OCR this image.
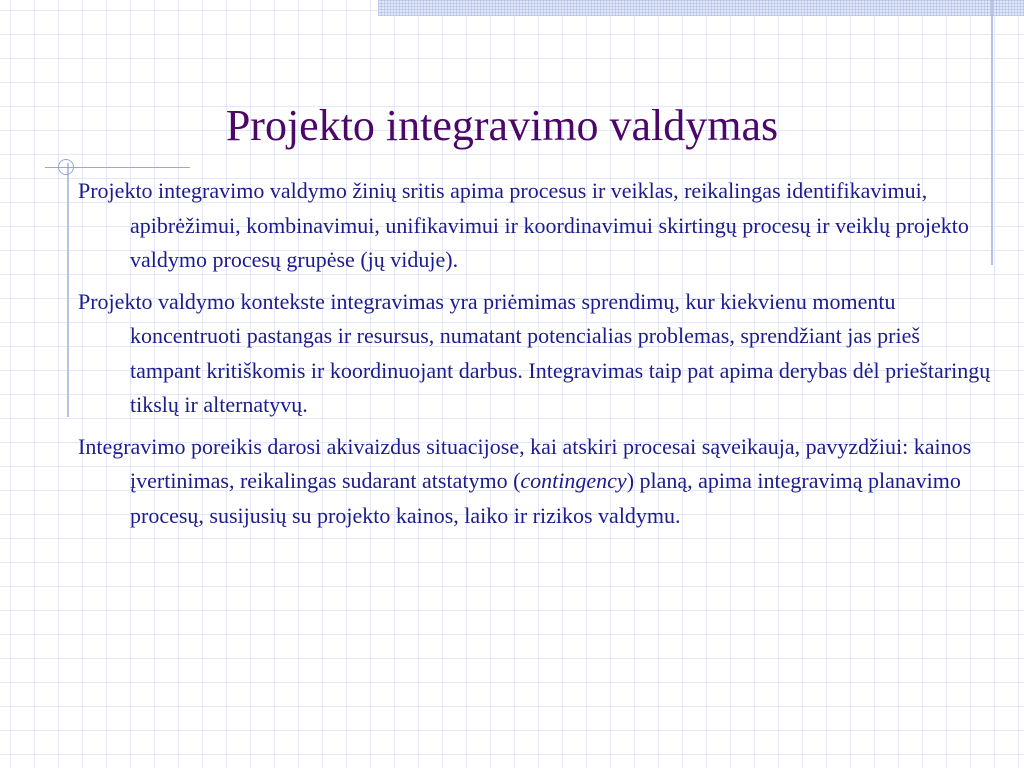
Projekto integravimo valdymas
Projekto integravimo valdymo žinių sritis apima procesus ir veiklas, reikalingas identifikavimui, apibrėžimui, kombinavimui, unifikavimui ir koordinavimui skirtingų procesų ir veiklų projekto valdymo procesų grupėse (jų viduje).
Projekto valdymo kontekste integravimas yra priėmimas sprendimų, kur kiekvienu momentu koncentruoti pastangas ir resursus, numatant potencialias problemas, sprendžiant jas prieš tampant kritiškomis ir koordinuojant darbus. Integravimas taip pat apima derybas dėl prieštaringų tikslų ir alternatyvų.
Integravimo poreikis darosi akivaizdus situacijose, kai atskiri procesai sąveikauja, pavyzdžiui: kainos įvertinimas, reikalingas sudarant atstatymo (contingency) planą, apima integravimą planavimo procesų, susijusių su projekto kainos, laiko ir rizikos valdymu.
